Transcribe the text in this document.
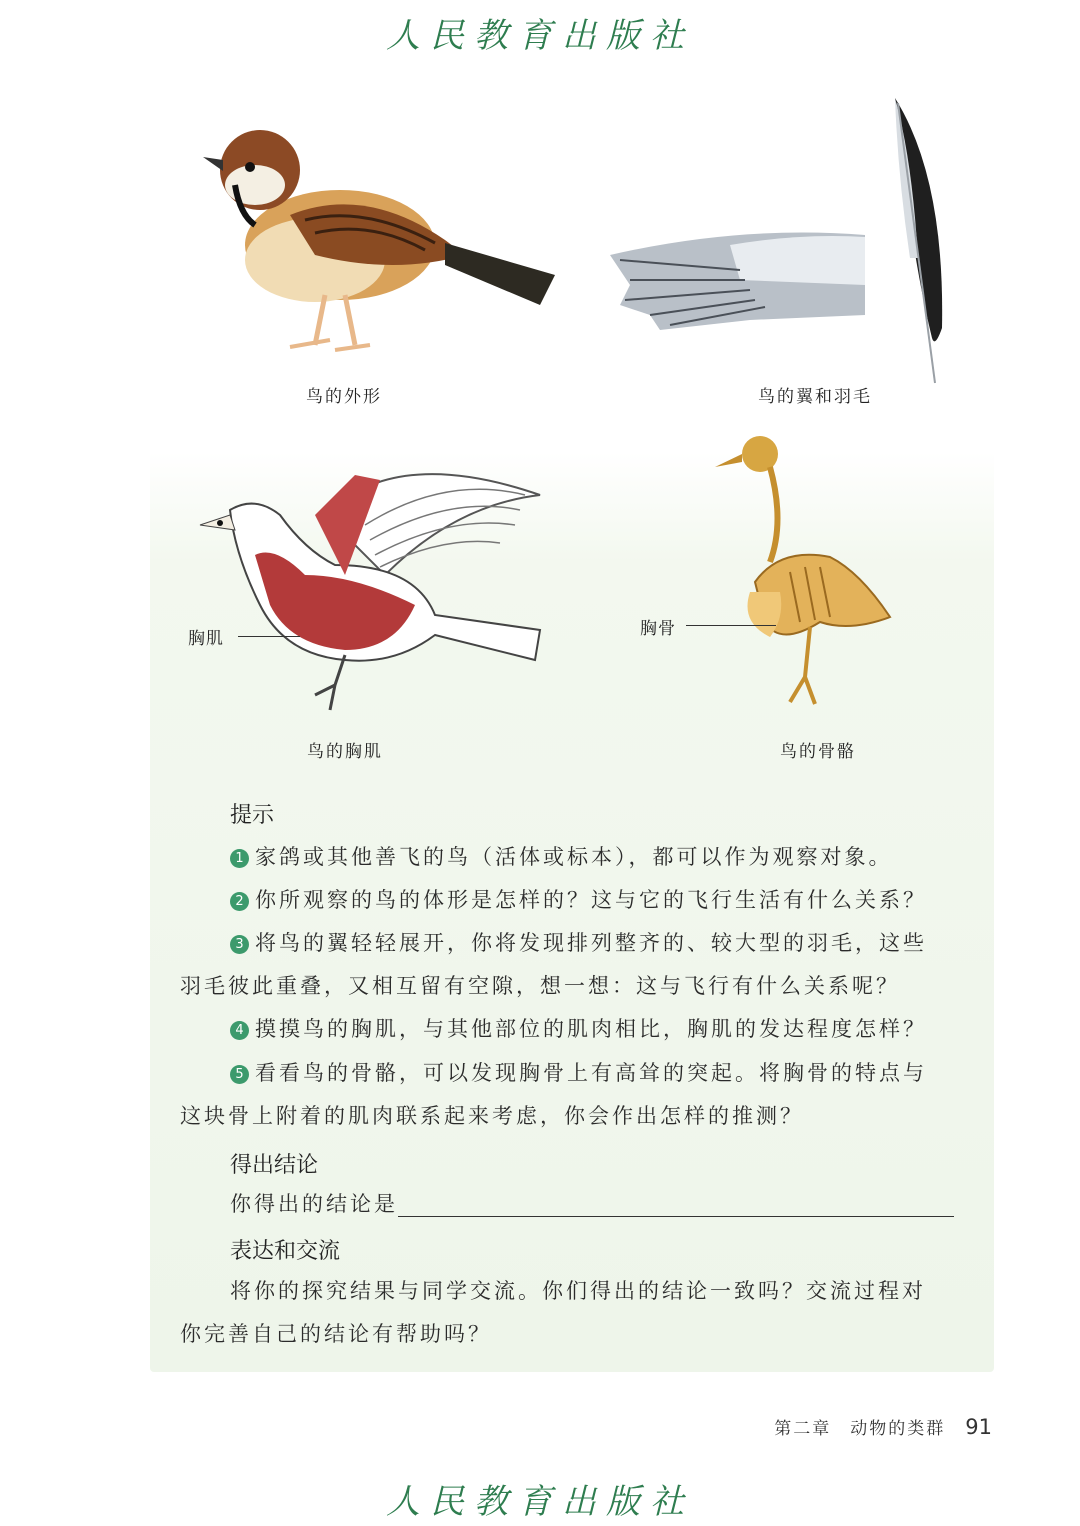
人民教育出版社
鸟的外形	鸟的翼和羽毛
胸肌
鸟的胸肌
胸骨
鸟的骨骼
提示
1 家鸽或其他善飞的鸟（活体或标本），都可以作为观察对象。
2 你所观察的鸟的体形是怎样的？这与它的飞行生活有什么关系？
3 将鸟的翼轻轻展开，你将发现排列整齐的、较大型的羽毛，这些
羽毛彼此重叠，又相互留有空隙，想一想：这与飞行有什么关系呢？
4 摸摸鸟的胸肌，与其他部位的肌肉相比，胸肌的发达程度怎样？
5 看看鸟的骨骼，可以发现胸骨上有高耸的突起。将胸骨的特点与
这块骨上附着的肌肉联系起来考虑，你会作出怎样的推测？
得出结论
你得出的结论是
表达和交流
将你的探究结果与同学交流。你们得出的结论一致吗？交流过程对
你完善自己的结论有帮助吗？
第二章　动物的类群 91
人民教育出版社
